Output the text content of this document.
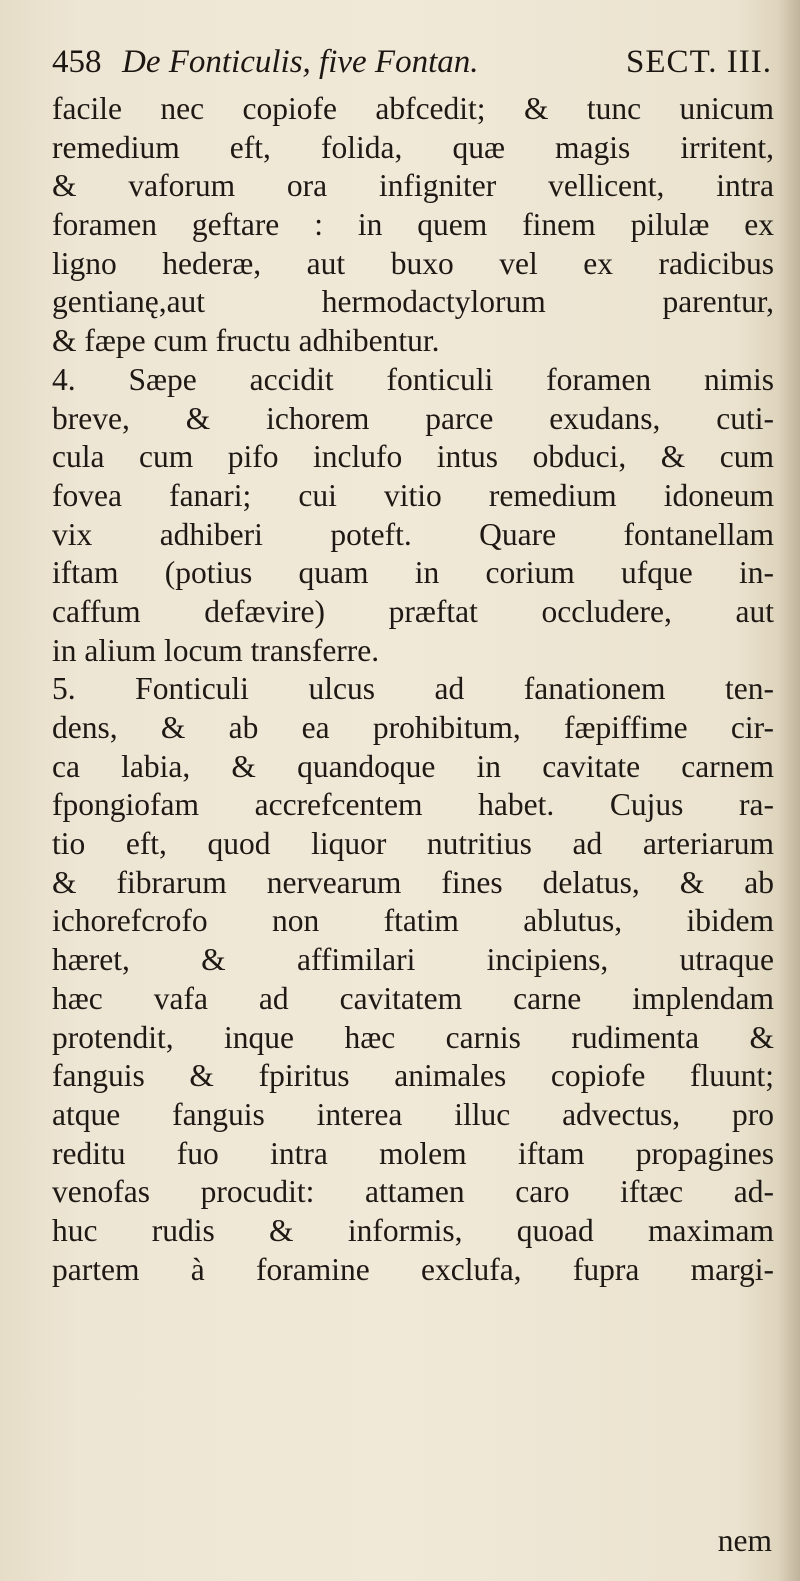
458 De Fonticulis, five Fontan.	SECT. III.
facile nec copiofe abfcedit; & tunc unicum
remedium eft, folida, quæ magis irritent,
& vaforum ora infigniter vellicent, intra
foramen geftare : in quem finem pilulæ ex
ligno hederæ, aut buxo vel ex radicibus
gentianę,aut hermodactylorum parentur,
& fæpe cum fructu adhibentur.
4. Sæpe accidit fonticuli foramen nimis
breve, & ichorem parce exudans, cuti-
cula cum pifo inclufo intus obduci, & cum
fovea fanari; cui vitio remedium idoneum
vix adhiberi poteft. Quare fontanellam
iftam (potius quam in corium ufque in-
caffum defævire) præftat occludere, aut
in alium locum transferre.
5. Fonticuli ulcus ad fanationem ten-
dens, & ab ea prohibitum, fæpiffime cir-
ca labia, & quandoque in cavitate carnem
fpongiofam accrefcentem habet. Cujus ra-
tio eft, quod liquor nutritius ad arteriarum
& fibrarum nervearum fines delatus, & ab
ichorefcrofo non ftatim ablutus, ibidem
hæret, & affimilari incipiens, utraque
hæc vafa ad cavitatem carne implendam
protendit, inque hæc carnis rudimenta &
fanguis & fpiritus animales copiofe fluunt;
atque fanguis interea illuc advectus, pro
reditu fuo intra molem iftam propagines
venofas procudit: attamen caro iftæc ad-
huc rudis & informis, quoad maximam
partem à foramine exclufa, fupra margi-
nem
